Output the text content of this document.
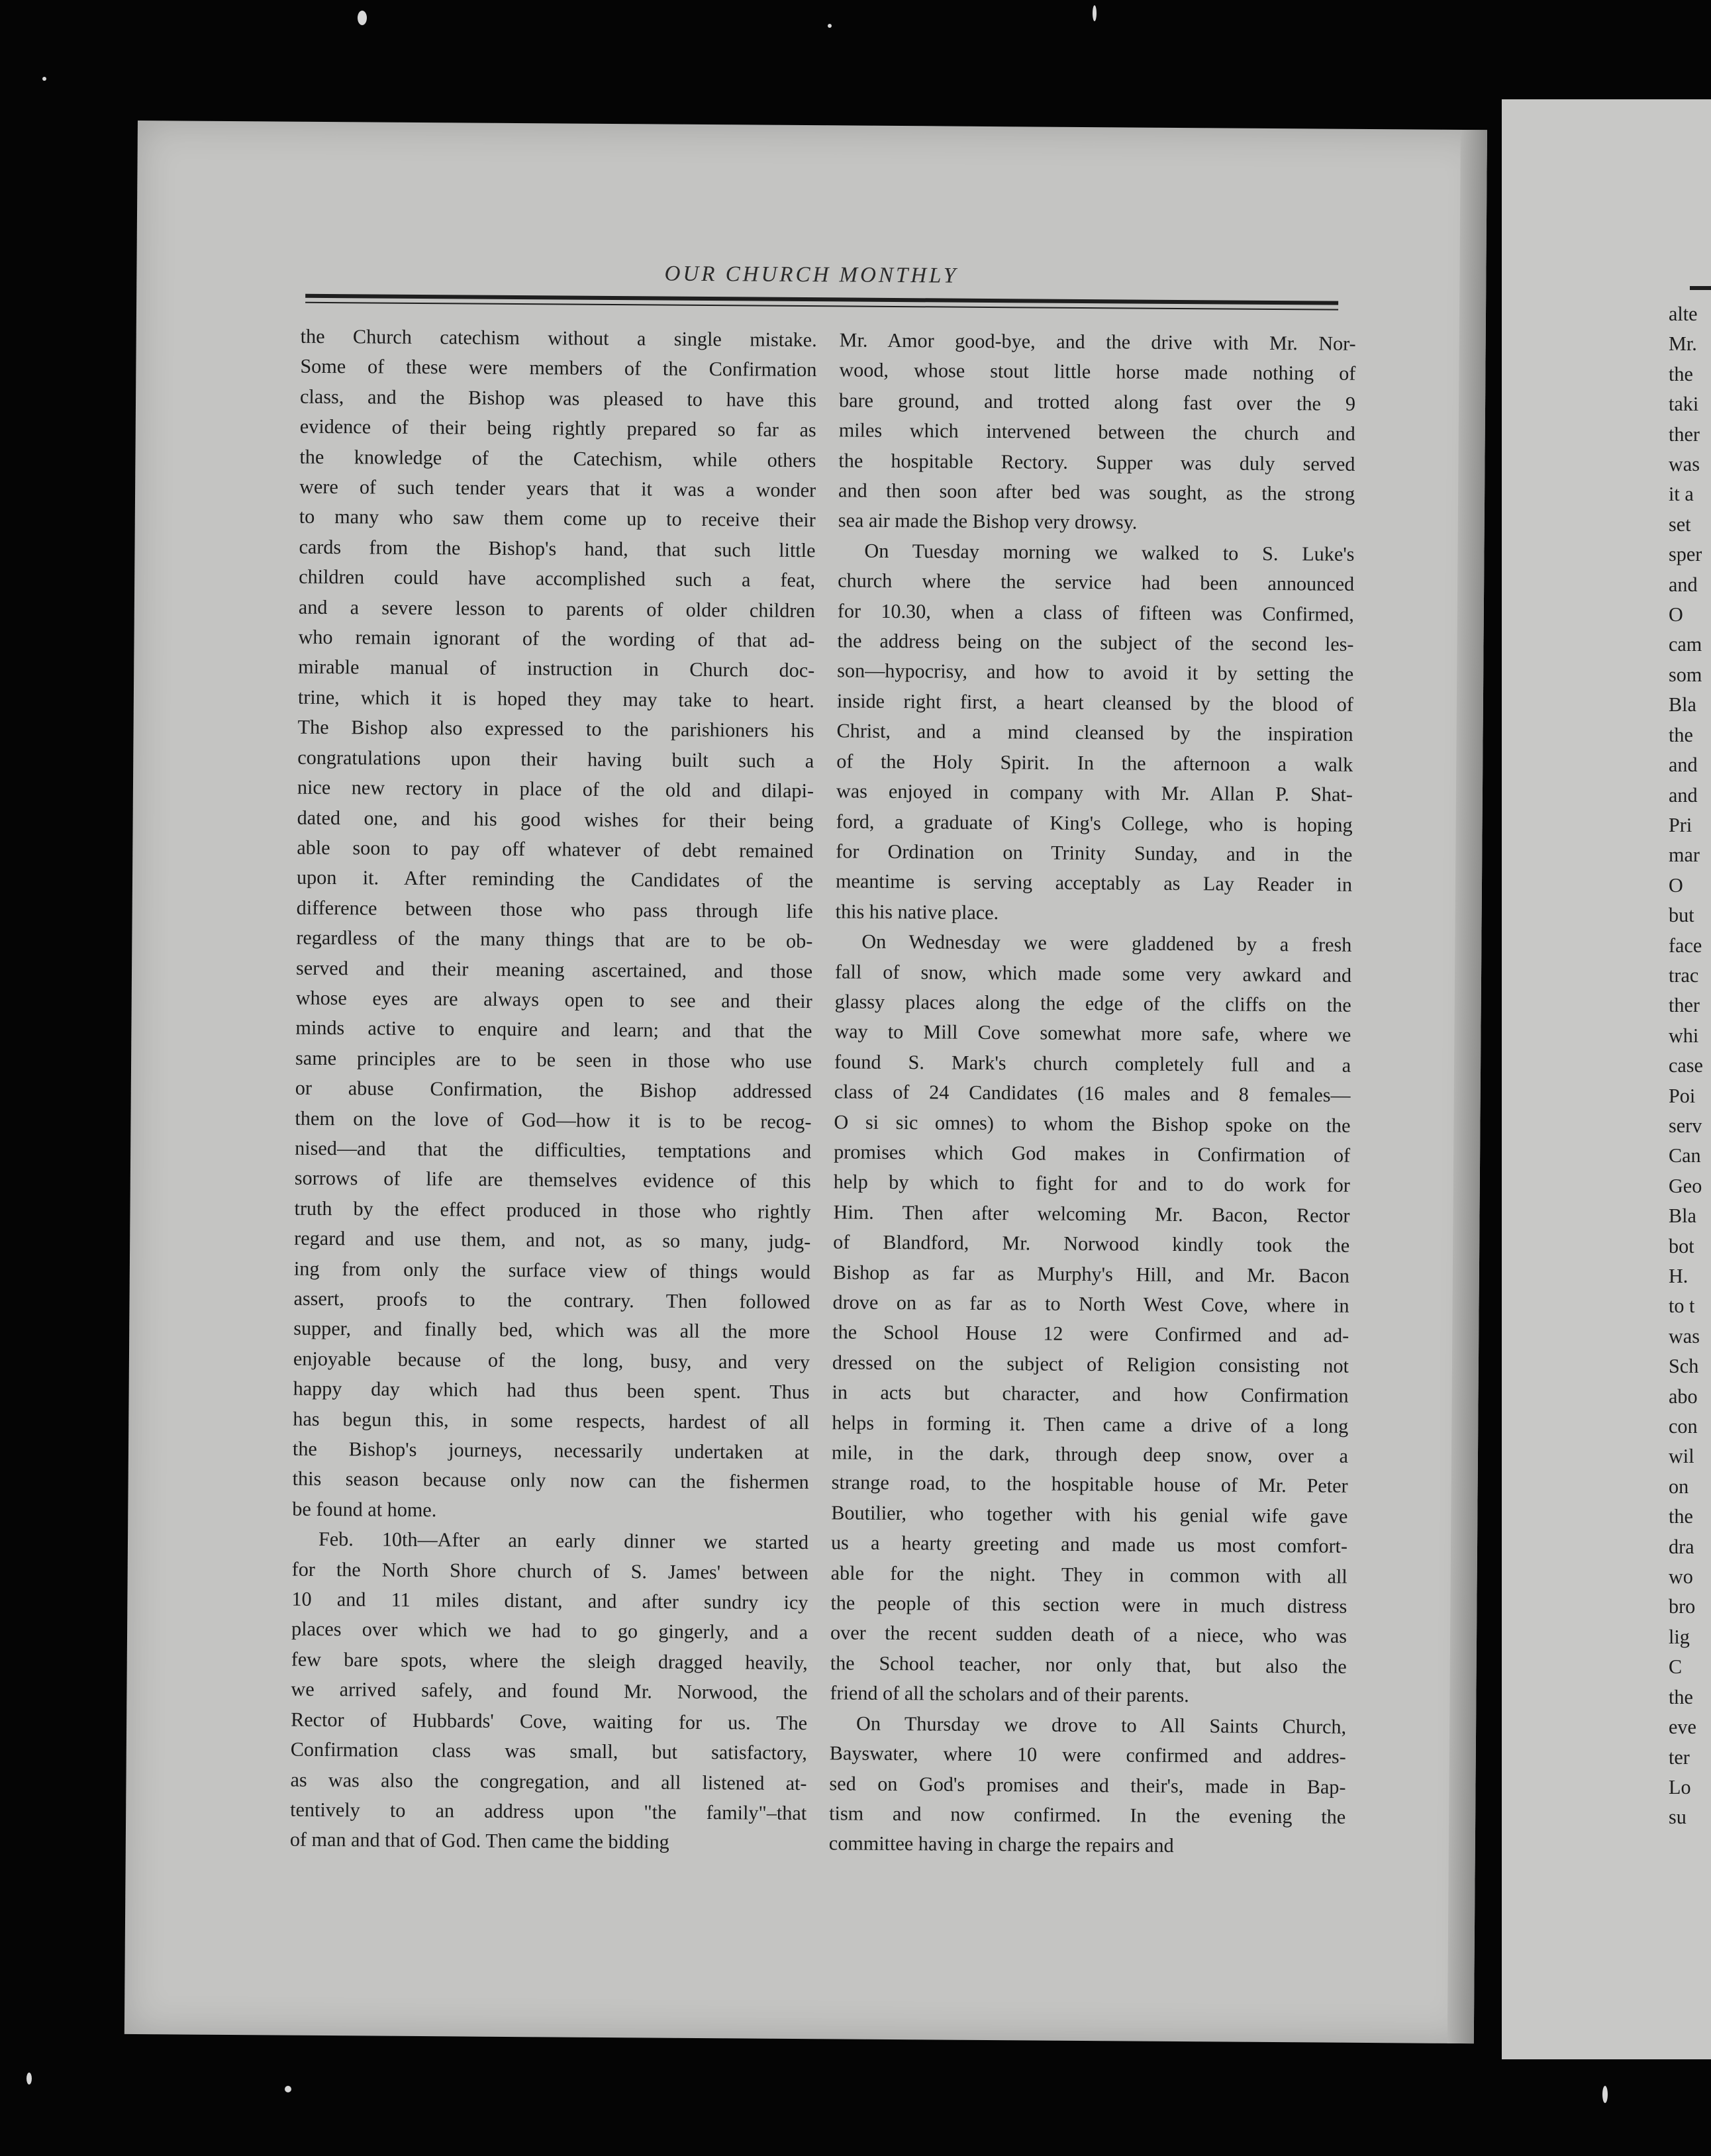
OUR CHURCH MONTHLY
the Church catechism without a single mistake.
Some of these were members of the Confirmation
class, and the Bishop was pleased to have this
evidence of their being rightly prepared so far as
the knowledge of the Catechism, while others
were of such tender years that it was a wonder
to many who saw them come up to receive their
cards from the Bishop's hand, that such little
children could have accomplished such a feat,
and a severe lesson to parents of older children
who remain ignorant of the wording of that ad-
mirable manual of instruction in Church doc-
trine, which it is hoped they may take to heart.
The Bishop also expressed to the parishioners his
congratulations upon their having built such a
nice new rectory in place of the old and dilapi-
dated one, and his good wishes for their being
able soon to pay off whatever of debt remained
upon it. After reminding the Candidates of the
difference between those who pass through life
regardless of the many things that are to be ob-
served and their meaning ascertained, and those
whose eyes are always open to see and their
minds active to enquire and learn; and that the
same principles are to be seen in those who use
or abuse Confirmation, the Bishop addressed
them on the love of God—how it is to be recog-
nised—and that the difficulties, temptations and
sorrows of life are themselves evidence of this
truth by the effect produced in those who rightly
regard and use them, and not, as so many, judg-
ing from only the surface view of things would
assert, proofs to the contrary. Then followed
supper, and finally bed, which was all the more
enjoyable because of the long, busy, and very
happy day which had thus been spent. Thus
has begun this, in some respects, hardest of all
the Bishop's journeys, necessarily undertaken at
this season because only now can the fishermen
be found at home.
Feb. 10th—After an early dinner we started
for the North Shore church of S. James' between
10 and 11 miles distant, and after sundry icy
places over which we had to go gingerly, and a
few bare spots, where the sleigh dragged heavily,
we arrived safely, and found Mr. Norwood, the
Rector of Hubbards' Cove, waiting for us. The
Confirmation class was small, but satisfactory,
as was also the congregation, and all listened at-
tentively to an address upon "the family"–that
of man and that of God. Then came the bidding
Mr. Amor good-bye, and the drive with Mr. Nor-
wood, whose stout little horse made nothing of
bare ground, and trotted along fast over the 9
miles which intervened between the church and
the hospitable Rectory. Supper was duly served
and then soon after bed was sought, as the strong
sea air made the Bishop very drowsy.
On Tuesday morning we walked to S. Luke's
church where the service had been announced
for 10.30, when a class of fifteen was Confirmed,
the address being on the subject of the second les-
son—hypocrisy, and how to avoid it by setting the
inside right first, a heart cleansed by the blood of
Christ, and a mind cleansed by the inspiration
of the Holy Spirit. In the afternoon a walk
was enjoyed in company with Mr. Allan P. Shat-
ford, a graduate of King's College, who is hoping
for Ordination on Trinity Sunday, and in the
meantime is serving acceptably as Lay Reader in
this his native place.
On Wednesday we were gladdened by a fresh
fall of snow, which made some very awkard and
glassy places along the edge of the cliffs on the
way to Mill Cove somewhat more safe, where we
found S. Mark's church completely full and a
class of 24 Candidates (16 males and 8 females—
O si sic omnes) to whom the Bishop spoke on the
promises which God makes in Confirmation of
help by which to fight for and to do work for
Him. Then after welcoming Mr. Bacon, Rector
of Blandford, Mr. Norwood kindly took the
Bishop as far as Murphy's Hill, and Mr. Bacon
drove on as far as to North West Cove, where in
the School House 12 were Confirmed and ad-
dressed on the subject of Religion consisting not
in acts but character, and how Confirmation
helps in forming it. Then came a drive of a long
mile, in the dark, through deep snow, over a
strange road, to the hospitable house of Mr. Peter
Boutilier, who together with his genial wife gave
us a hearty greeting and made us most comfort-
able for the night. They in common with all
the people of this section were in much distress
over the recent sudden death of a niece, who was
the School teacher, nor only that, but also the
friend of all the scholars and of their parents.
On Thursday we drove to All Saints Church,
Bayswater, where 10 were confirmed and addres-
sed on God's promises and their's, made in Bap-
tism and now confirmed. In the evening the
committee having in charge the repairs and
alte
Mr.
the
taki
ther
was
it a
set
sper
and
O
cam
som
Bla
the
and
and
Pri
mar
O
but
face
trac
ther
whi
case
Poi
serv
Can
Geo
Bla
bot
H.
to t
was
Sch
abo
con
wil
on
the
dra
wo
bro
lig
C
the
eve
ter
Lo
su
